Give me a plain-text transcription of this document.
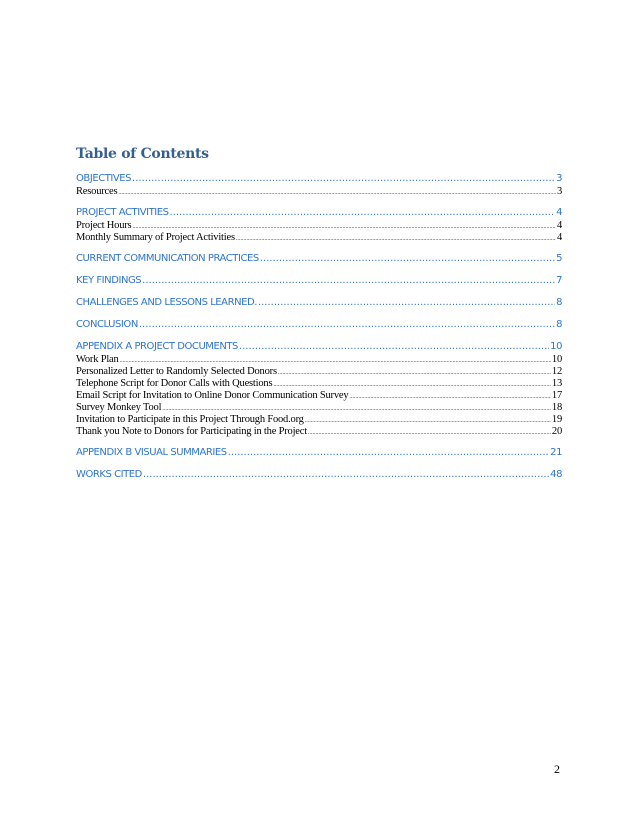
Table of Contents
OBJECTIVES .....	3
Resources .....	3
PROJECT ACTIVITIES .....	4
Project Hours .....	4
Monthly Summary of Project Activities .....	4
CURRENT COMMUNICATION PRACTICES .....	5
KEY FINDINGS .....	7
CHALLENGES AND LESSONS LEARNED. .....	8
CONCLUSION .....	8
APPENDIX A PROJECT DOCUMENTS .....	10
Work Plan .....	10
Personalized Letter to Randomly Selected Donors .....	12
Telephone Script for Donor Calls with Questions .....	13
Email Script for Invitation to Online Donor Communication Survey .....	17
Survey Monkey Tool .....	18
Invitation to Participate in this Project Through Food.org .....	19
Thank you Note to Donors for Participating in the Project .....	20
APPENDIX B VISUAL SUMMARIES .....	21
WORKS CITED .....	48
2
